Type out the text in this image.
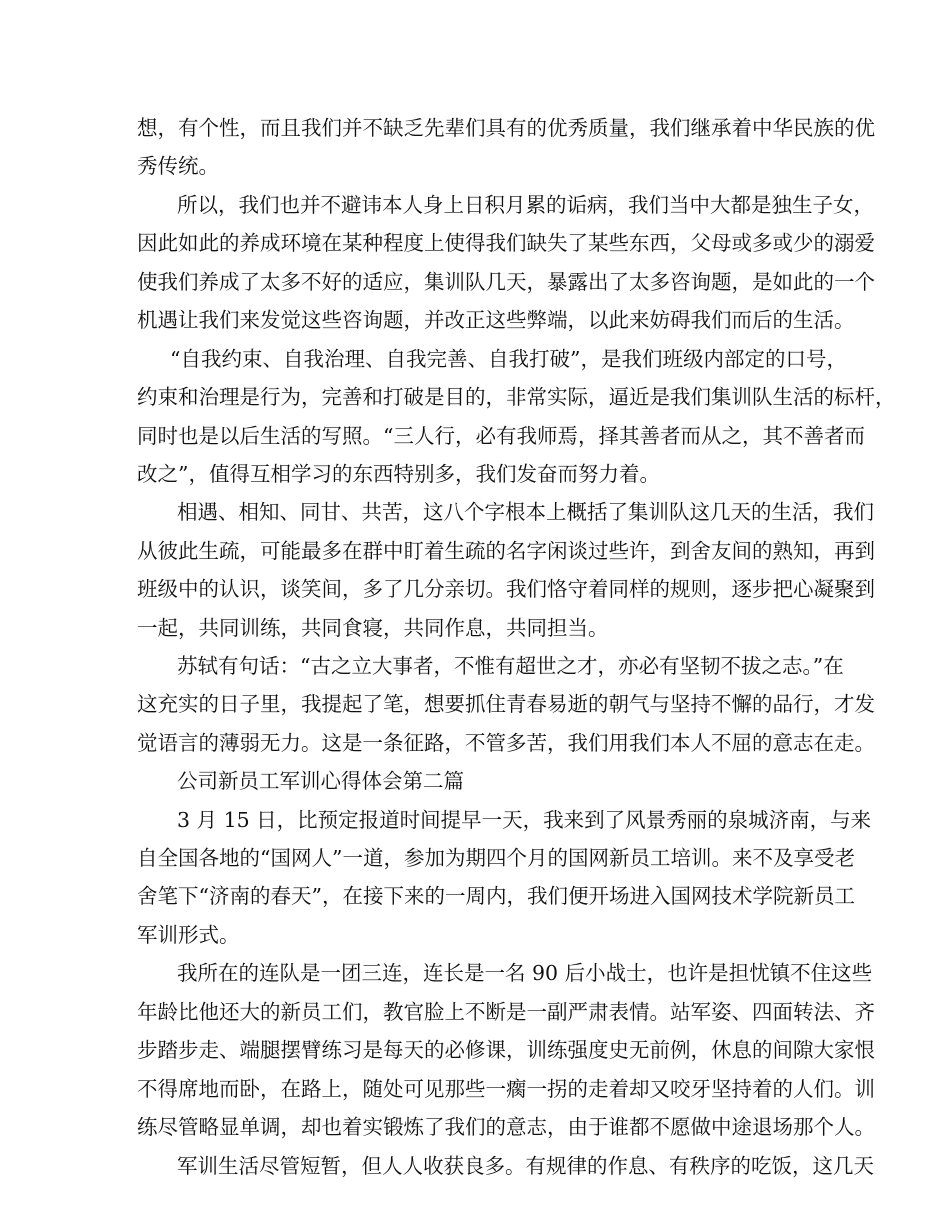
想，有个性，而且我们并不缺乏先辈们具有的优秀质量，我们继承着中华民族的优
秀传统。
所以，我们也并不避讳本人身上日积月累的诟病，我们当中大都是独生子女，
因此如此的养成环境在某种程度上使得我们缺失了某些东西，父母或多或少的溺爱
使我们养成了太多不好的适应，集训队几天，暴露出了太多咨询题，是如此的一个
机遇让我们来发觉这些咨询题，并改正这些弊端，以此来妨碍我们而后的生活。
“自我约束、自我治理、自我完善、自我打破”，是我们班级内部定的口号，
约束和治理是行为，完善和打破是目的，非常实际，逼近是我们集训队生活的标杆，
同时也是以后生活的写照。“三人行，必有我师焉，择其善者而从之，其不善者而
改之”，值得互相学习的东西特别多，我们发奋而努力着。
相遇、相知、同甘、共苦，这八个字根本上概括了集训队这几天的生活，我们
从彼此生疏，可能最多在群中盯着生疏的名字闲谈过些许，到舍友间的熟知，再到
班级中的认识，谈笑间，多了几分亲切。我们恪守着同样的规则，逐步把心凝聚到
一起，共同训练，共同食寝，共同作息，共同担当。
苏轼有句话：“古之立大事者，不惟有超世之才，亦必有坚韧不拔之志。”在
这充实的日子里，我提起了笔，想要抓住青春易逝的朝气与坚持不懈的品行，才发
觉语言的薄弱无力。这是一条征路，不管多苦，我们用我们本人不屈的意志在走。
公司新员工军训心得体会第二篇
3 月 15 日，比预定报道时间提早一天，我来到了风景秀丽的泉城济南，与来
自全国各地的“国网人”一道，参加为期四个月的国网新员工培训。来不及享受老
舍笔下“济南的春天”，在接下来的一周内，我们便开场进入国网技术学院新员工
军训形式。
我所在的连队是一团三连，连长是一名 90 后小战士，也许是担忧镇不住这些
年龄比他还大的新员工们，教官脸上不断是一副严肃表情。站军姿、四面转法、齐
步踏步走、端腿摆臂练习是每天的必修课，训练强度史无前例，休息的间隙大家恨
不得席地而卧，在路上，随处可见那些一瘸一拐的走着却又咬牙坚持着的人们。训
练尽管略显单调，却也着实锻炼了我们的意志，由于谁都不愿做中途退场那个人。
军训生活尽管短暂，但人人收获良多。有规律的作息、有秩序的吃饭，这几天
